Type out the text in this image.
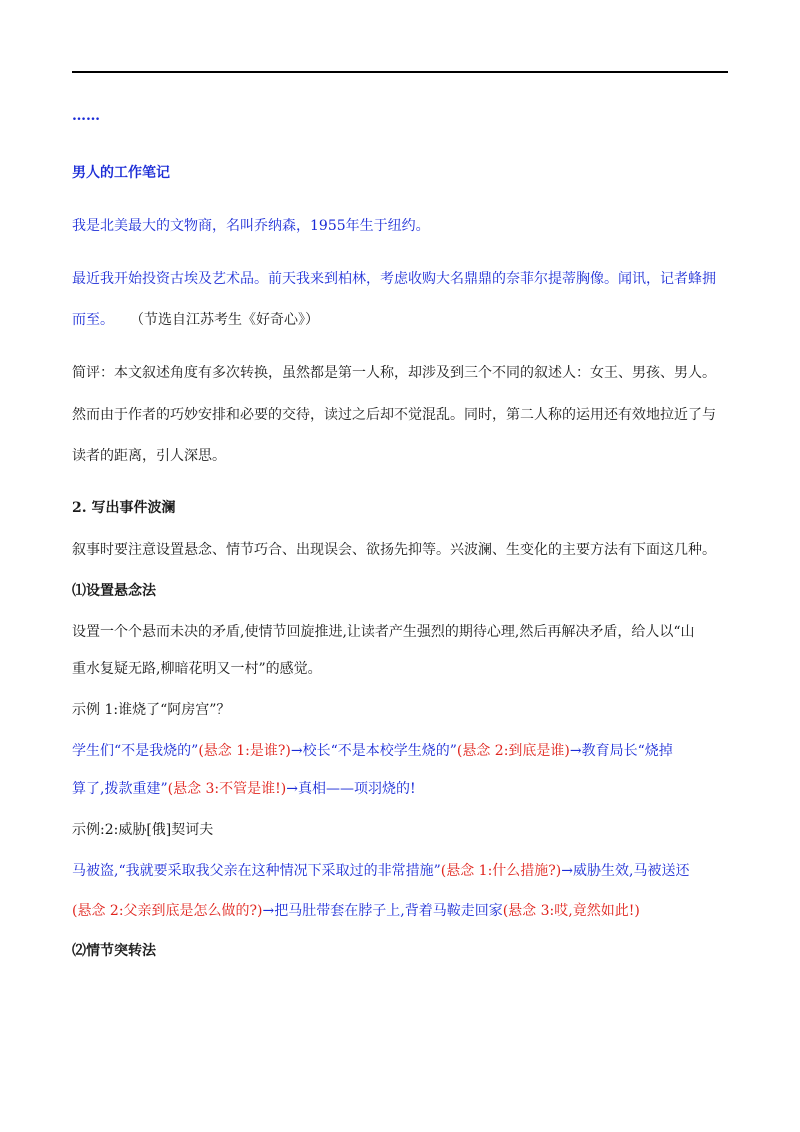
……
男人的工作笔记
我是北美最大的文物商，名叫乔纳森，1955年生于纽约。
最近我开始投资古埃及艺术品。前天我来到柏林，考虑收购大名鼎鼎的奈菲尔提蒂胸像。闻讯，记者蜂拥
而至。 （节选自江苏考生《好奇心》）
简评：本文叙述角度有多次转换，虽然都是第一人称，却涉及到三个不同的叙述人：女王、男孩、男人。
然而由于作者的巧妙安排和必要的交待，读过之后却不觉混乱。同时，第二人称的运用还有效地拉近了与
读者的距离，引人深思。
2. 写出事件波澜
叙事时要注意设置悬念、情节巧合、出现误会、欲扬先抑等。兴波澜、生变化的主要方法有下面这几种。
⑴设置悬念法
设置一个个悬而未决的矛盾,使情节回旋推进,让读者产生强烈的期待心理,然后再解决矛盾，给人以“山
重水复疑无路,柳暗花明又一村”的感觉。
示例 1:谁烧了“阿房宫”？
学生们“不是我烧的”(悬念 1:是谁?)→校长“不是本校学生烧的”(悬念 2:到底是谁)→教育局长“烧掉
算了,拨款重建”(悬念 3:不管是谁!)→真相——项羽烧的!
示例:2:威胁[俄]契诃夫
马被盗,“我就要采取我父亲在这种情况下采取过的非常措施”(悬念 1:什么措施?)→威胁生效,马被送还
(悬念 2:父亲到底是怎么做的?)→把马肚带套在脖子上,背着马鞍走回家(悬念 3:哎,竟然如此!)
⑵情节突转法
